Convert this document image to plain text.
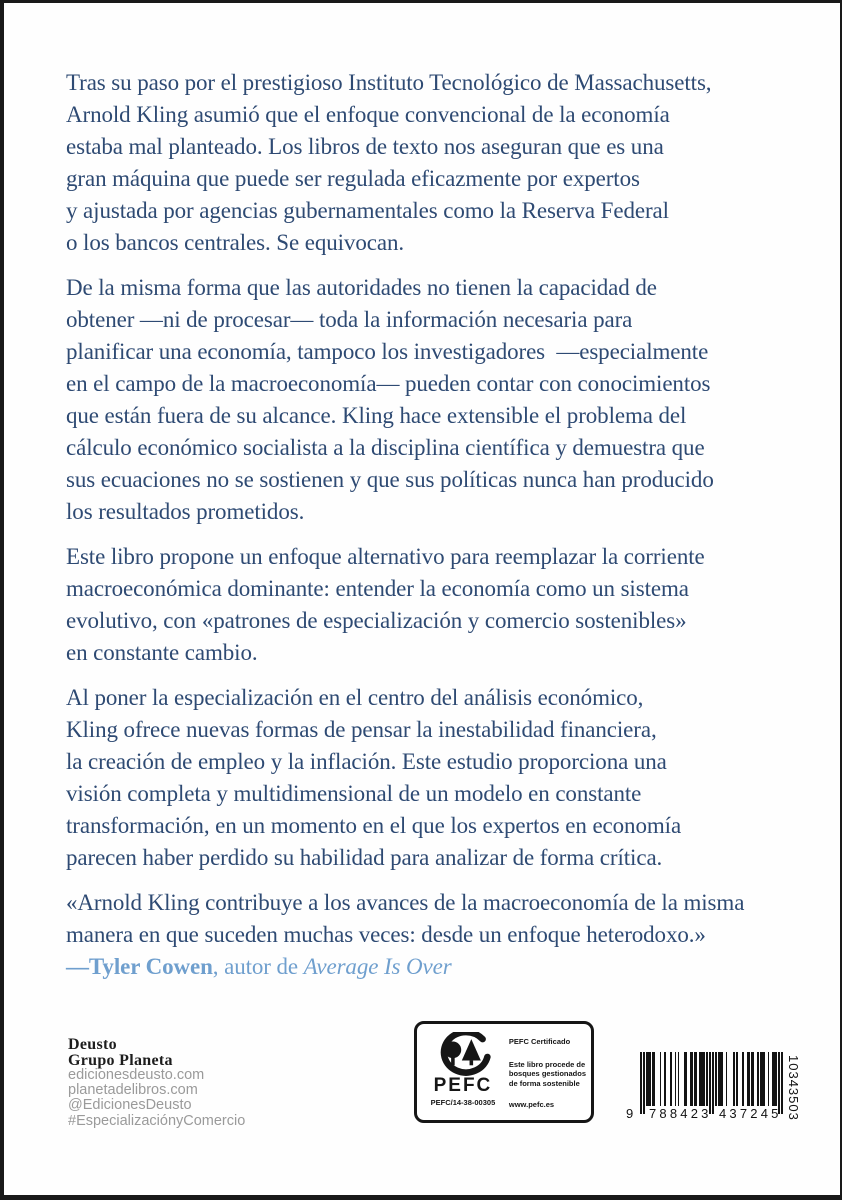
Tras su paso por el prestigioso Instituto Tecnológico de Massachusetts,
Arnold Kling asumió que el enfoque convencional de la economía
estaba mal planteado. Los libros de texto nos aseguran que es una
gran máquina que puede ser regulada eficazmente por expertos
y ajustada por agencias gubernamentales como la Reserva Federal
o los bancos centrales. Se equivocan.
De la misma forma que las autoridades no tienen la capacidad de
obtener —ni de procesar— toda la información necesaria para
planificar una economía, tampoco los investigadores  —especialmente
en el campo de la macroeconomía— pueden contar con conocimientos
que están fuera de su alcance. Kling hace extensible el problema del
cálculo económico socialista a la disciplina científica y demuestra que
sus ecuaciones no se sostienen y que sus políticas nunca han producido
los resultados prometidos.
Este libro propone un enfoque alternativo para reemplazar la corriente
macroeconómica dominante: entender la economía como un sistema
evolutivo, con «patrones de especialización y comercio sostenibles»
en constante cambio.
Al poner la especialización en el centro del análisis económico,
Kling ofrece nuevas formas de pensar la inestabilidad financiera,
la creación de empleo y la inflación. Este estudio proporciona una
visión completa y multidimensional de un modelo en constante
transformación, en un momento en el que los expertos en economía
parecen haber perdido su habilidad para analizar de forma crítica.
«Arnold Kling contribuye a los avances de la macroeconomía de la misma
manera en que suceden muchas veces: desde un enfoque heterodoxo.»
—Tyler Cowen, autor de Average Is Over
Deusto
Grupo Planeta
edicionesdeusto.com
planetadelibros.com
@EdicionesDeusto
#EspecializaciónyComercio
PEFC
PEFC/14-38-00305
PEFC Certificado
Este libro procede de
bosques gestionados
de forma sostenible
www.pefc.es
9 788423 437245 10343503
